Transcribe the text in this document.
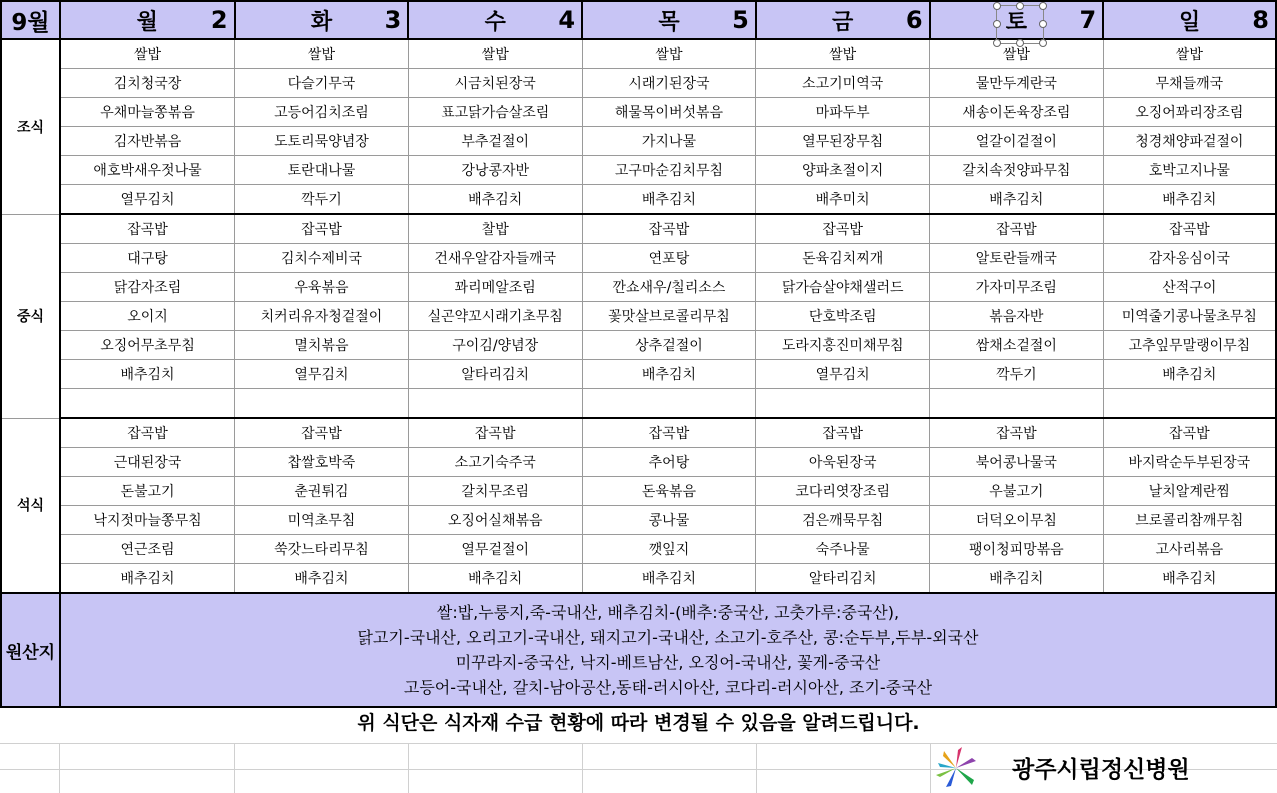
9월	월 2	화 3	수 4	목 5	금 6	토 7	일 8

조식	쌀밥	쌀밥	쌀밥	쌀밥	쌀밥	쌀밥	쌀밥
	김치청국장	다슬기무국	시금치된장국	시래기된장국	소고기미역국	물만두계란국	무채들깨국
	우채마늘쫑볶음	고등어김치조림	표고닭가슴살조림	해물목이버섯볶음	마파두부	새송이돈육장조림	오징어꽈리장조림
	김자반볶음	도토리묵양념장	부추겉절이	가지나물	열무된장무침	얼갈이겉절이	청경채양파겉절이
	애호박새우젓나물	토란대나물	강낭콩자반	고구마순김치무침	양파초절이지	갈치속젓양파무침	호박고지나물
	열무김치	깍두기	배추김치	배추김치	배추미치	배추김치	배추김치
중식	잡곡밥	잡곡밥	찰밥	잡곡밥	잡곡밥	잡곡밥	잡곡밥
	대구탕	김치수제비국	건새우알감자들깨국	연포탕	돈육김치찌개	알토란들깨국	감자옹심이국
	닭감자조림	우육볶음	꽈리메알조림	깐쇼새우/칠리소스	닭가슴살야채샐러드	가자미무조림	산적구이
	오이지	치커리유자청겉절이	실곤약꼬시래기초무침	꽃맛살브로콜리무침	단호박조림	볶음자반	미역줄기콩나물초무침
	오징어무초무침	멸치볶음	구이김/양념장	상추겉절이	도라지홍진미채무침	쌈채소겉절이	고추잎무말랭이무침
	배추김치	열무김치	알타리김치	배추김치	열무김치	깍두기	배추김치

석식	잡곡밥	잡곡밥	잡곡밥	잡곡밥	잡곡밥	잡곡밥	잡곡밥
	근대된장국	찹쌀호박죽	소고기숙주국	추어탕	아욱된장국	북어콩나물국	바지락순두부된장국
	돈불고기	춘권튀김	갈치무조림	돈육볶음	코다리엿장조림	우불고기	날치알계란찜
	낙지젓마늘쫑무침	미역초무침	오징어실채볶음	콩나물	검은깨묵무침	더덕오이무침	브로콜리참깨무침
	연근조림	쑥갓느타리무침	열무겉절이	깻잎지	숙주나물	팽이청피망볶음	고사리볶음
	배추김치	배추김치	배추김치	배추김치	알타리김치	배추김치	배추김치
원산지	쌀:밥,누룽지,죽-국내산, 배추김치-(배추:중국산, 고춧가루:중국산),
닭고기-국내산, 오리고기-국내산, 돼지고기-국내산, 소고기-호주산, 콩:순두부,두부-외국산
미꾸라지-중국산, 낙지-베트남산, 오징어-국내산, 꽃게-중국산
고등어-국내산, 갈치-남아공산,동태-러시아산, 코다리-러시아산, 조기-중국산						
위 식단은 식자재 수급 현황에 따라 변경될 수 있음을 알려드립니다.
광주시립정신병원
